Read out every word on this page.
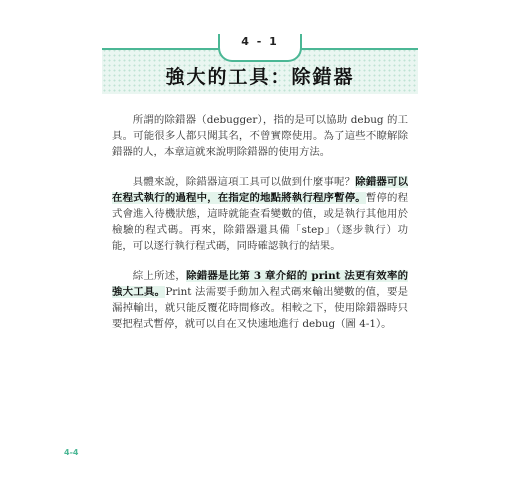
4 - 1
強大的工具：除錯器

所謂的除錯器（debugger），指的是可以協助 debug 的工具。可能很多人都只聞其名，不曾實際使用。為了這些不瞭解除錯器的人，本章這就來說明除錯器的使用方法。

具體來說，除錯器這項工具可以做到什麼事呢？除錯器可以在程式執行的過程中，在指定的地點將執行程序暫停。暫停的程式會進入待機狀態，這時就能查看變數的值，或是執行其他用於檢驗的程式碼。再來，除錯器還具備「step」（逐步執行）功能，可以逐行執行程式碼，同時確認執行的結果。

綜上所述，除錯器是比第 3 章介紹的 print 法更有效率的強大工具。Print 法需要手動加入程式碼來輸出變數的值，要是漏掉輸出，就只能反覆花時間修改。相較之下，使用除錯器時只要把程式暫停，就可以自在又快速地進行 debug（圖 4-1）。

4-4
